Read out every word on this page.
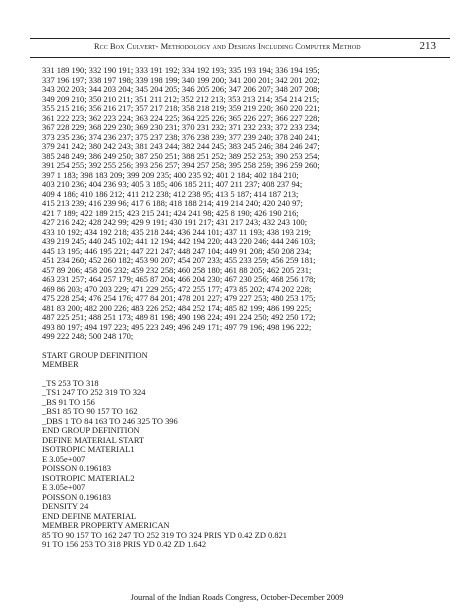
Rcc Box Culvert- Methodology and Designs Including Computer Method	213
331 189 190; 332 190 191; 333 191 192; 334 192 193; 335 193 194; 336 194 195;
337 196 197; 338 197 198; 339 198 199; 340 199 200; 341 200 201; 342 201 202;
343 202 203; 344 203 204; 345 204 205; 346 205 206; 347 206 207; 348 207 208;
349 209 210; 350 210 211; 351 211 212; 352 212 213; 353 213 214; 354 214 215;
355 215 216; 356 216 217; 357 217 218; 358 218 219; 359 219 220; 360 220 221;
361 222 223; 362 223 224; 363 224 225; 364 225 226; 365 226 227; 366 227 228;
367 228 229; 368 229 230; 369 230 231; 370 231 232; 371 232 233; 372 233 234;
373 235 236; 374 236 237; 375 237 238; 376 238 239; 377 239 240; 378 240 241;
379 241 242; 380 242 243; 381 243 244; 382 244 245; 383 245 246; 384 246 247;
385 248 249; 386 249 250; 387 250 251; 388 251 252; 389 252 253; 390 253 254;
391 254 255; 392 255 256; 393 256 257; 394 257 258; 395 258 259; 396 259 260;
397 1 183; 398 183 209; 399 209 235; 400 235 92; 401 2 184; 402 184 210;
403 210 236; 404 236 93; 405 3 185; 406 185 211; 407 211 237; 408 237 94;
409 4 186; 410 186 212; 411 212 238; 412 238 95; 413 5 187; 414 187 213;
415 213 239; 416 239 96; 417 6 188; 418 188 214; 419 214 240; 420 240 97;
421 7 189; 422 189 215; 423 215 241; 424 241 98; 425 8 190; 426 190 216;
427 216 242; 428 242 99; 429 9 191; 430 191 217; 431 217 243; 432 243 100;
433 10 192; 434 192 218; 435 218 244; 436 244 101; 437 11 193; 438 193 219;
439 219 245; 440 245 102; 441 12 194; 442 194 220; 443 220 246; 444 246 103;
445 13 195; 446 195 221; 447 221 247; 448 247 104; 449 91 208; 450 208 234;
451 234 260; 452 260 182; 453 90 207; 454 207 233; 455 233 259; 456 259 181;
457 89 206; 458 206 232; 459 232 258; 460 258 180; 461 88 205; 462 205 231;
463 231 257; 464 257 179; 465 87 204; 466 204 230; 467 230 256; 468 256 178;
469 86 203; 470 203 229; 471 229 255; 472 255 177; 473 85 202; 474 202 228;
475 228 254; 476 254 176; 477 84 201; 478 201 227; 479 227 253; 480 253 175;
481 83 200; 482 200 226; 483 226 252; 484 252 174; 485 82 199; 486 199 225;
487 225 251; 488 251 173; 489 81 198; 490 198 224; 491 224 250; 492 250 172;
493 80 197; 494 197 223; 495 223 249; 496 249 171; 497 79 196; 498 196 222;
499 222 248; 500 248 170;
START GROUP DEFINITION
MEMBER
_TS 253 TO 318
_TS1 247 TO 252 319 TO 324
_BS 91 TO 156
_BS1 85 TO 90 157 TO 162
_DBS 1 TO 84 163 TO 246 325 TO 396
END GROUP DEFINITION
DEFINE MATERIAL START
ISOTROPIC MATERIAL1
E 3.05e+007
POISSON 0.196183
ISOTROPIC MATERIAL2
E 3.05e+007
POISSON 0.196183
DENSITY 24
END DEFINE MATERIAL
MEMBER PROPERTY AMERICAN
85 TO 90 157 TO 162 247 TO 252 319 TO 324 PRIS YD 0.42 ZD 0.821
91 TO 156 253 TO 318 PRIS YD 0.42 ZD 1.642
Journal of the Indian Roads Congress, October-December 2009
